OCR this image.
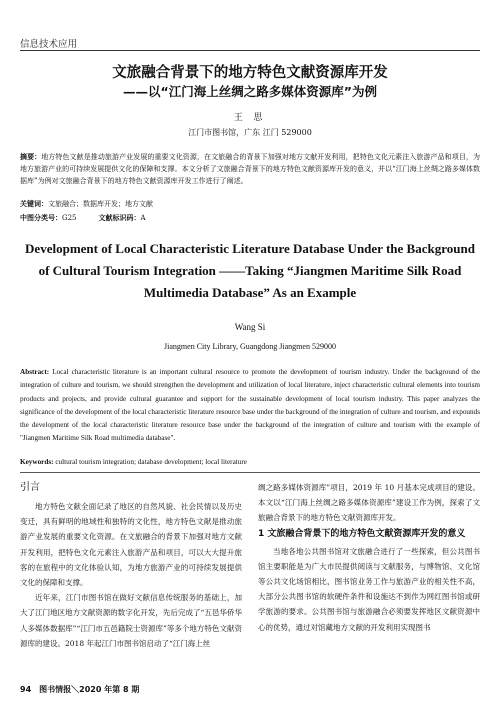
信息技术应用
文旅融合背景下的地方特色文献资源库开发
——以“江门海上丝绸之路多媒体资源库”为例
王 思
江门市图书馆，广东 江门 529000
摘要：地方特色文献是推动旅游产业发展的重要文化资源，在文旅融合的背景下加强对地方文献开发利用，把特色文化元素注入旅游产品和项目，为地方旅游产业的可持续发展提供文化的保障和支撑。本文分析了文旅融合背景下的地方特色文献资源库开发的意义，并以“江门海上丝绸之路多媒体数据库”为例对文旅融合背景下的地方特色文献资源库开发工作进行了阐述。
关键词：文旅融合；数据库开发；地方文献
中图分类号：G25	文献标识码：A
Development of Local Characteristic Literature Database Under the Background of Cultural Tourism Integration ——Taking “Jiangmen Maritime Silk Road Multimedia Database” As an Example
Wang Si
Jiangmen City Library, Guangdong Jiangmen 529000
Abstract: Local characteristic literature is an important cultural resource to promote the development of tourism industry. Under the background of the integration of culture and tourism, we should strengthen the development and utilization of local literature, inject characteristic cultural elements into tourism products and projects, and provide cultural guarantee and support for the sustainable development of local tourism industry. This paper analyzes the significance of the development of the local characteristic literature resource base under the background of the integration of culture and tourism, and expounds the development of the local characteristic literature resource base under the background of the integration of culture and tourism with the example of "Jiangmen Maritime Silk Road multimedia database".
Keywords: cultural tourism integration; database development; local literature
引言

地方特色文献全面记录了地区的自然风貌、社会民情以及历史变迁，具有鲜明的地域性和独特的文化性，地方特色文献是推动旅游产业发展的重要文化资源。在文旅融合的背景下加强对地方文献开发利用，把特色文化元素注入旅游产品和项目，可以大大提升旅客的在旅程中的文化体验认知，为地方旅游产业的可持续发展提供文化的保障和支撑。

近年来，江门市图书馆在做好文献信息传统服务的基础上，加大了江门地区地方文献资源的数字化开发，先后完成了“五邑华侨华人多媒体数据库”“江门市五邑籍院士资源库”等多个地方特色文献资源库的建设。2018 年起江门市图书馆启动了“江门海上丝

绸之路多媒体资源库”项目，2019 年 10 月基本完成项目的建设。本文以“江门海上丝绸之路多媒体资源库”建设工作为例，探索了文旅融合背景下的地方特色文献资源库开发。

1 文旅融合背景下的地方特色文献资源库开发的意义

当地各地公共图书馆对文旅融合进行了一些探索，但公共图书馆主要职能是为广大市民提供阅读与文献服务，与博物馆、文化馆等公共文化场馆相比，图书馆业务工作与旅游产业的相关性不高，大部分公共图书馆的软硬件条件和设施达不到作为网红图书馆或研学旅游的要求。公共图书馆与旅游融合必须要发挥地区文献资源中心的优势，通过对馆藏地方文献的开发利用实现图书

94 图书情报＼2020 年第 8 期
